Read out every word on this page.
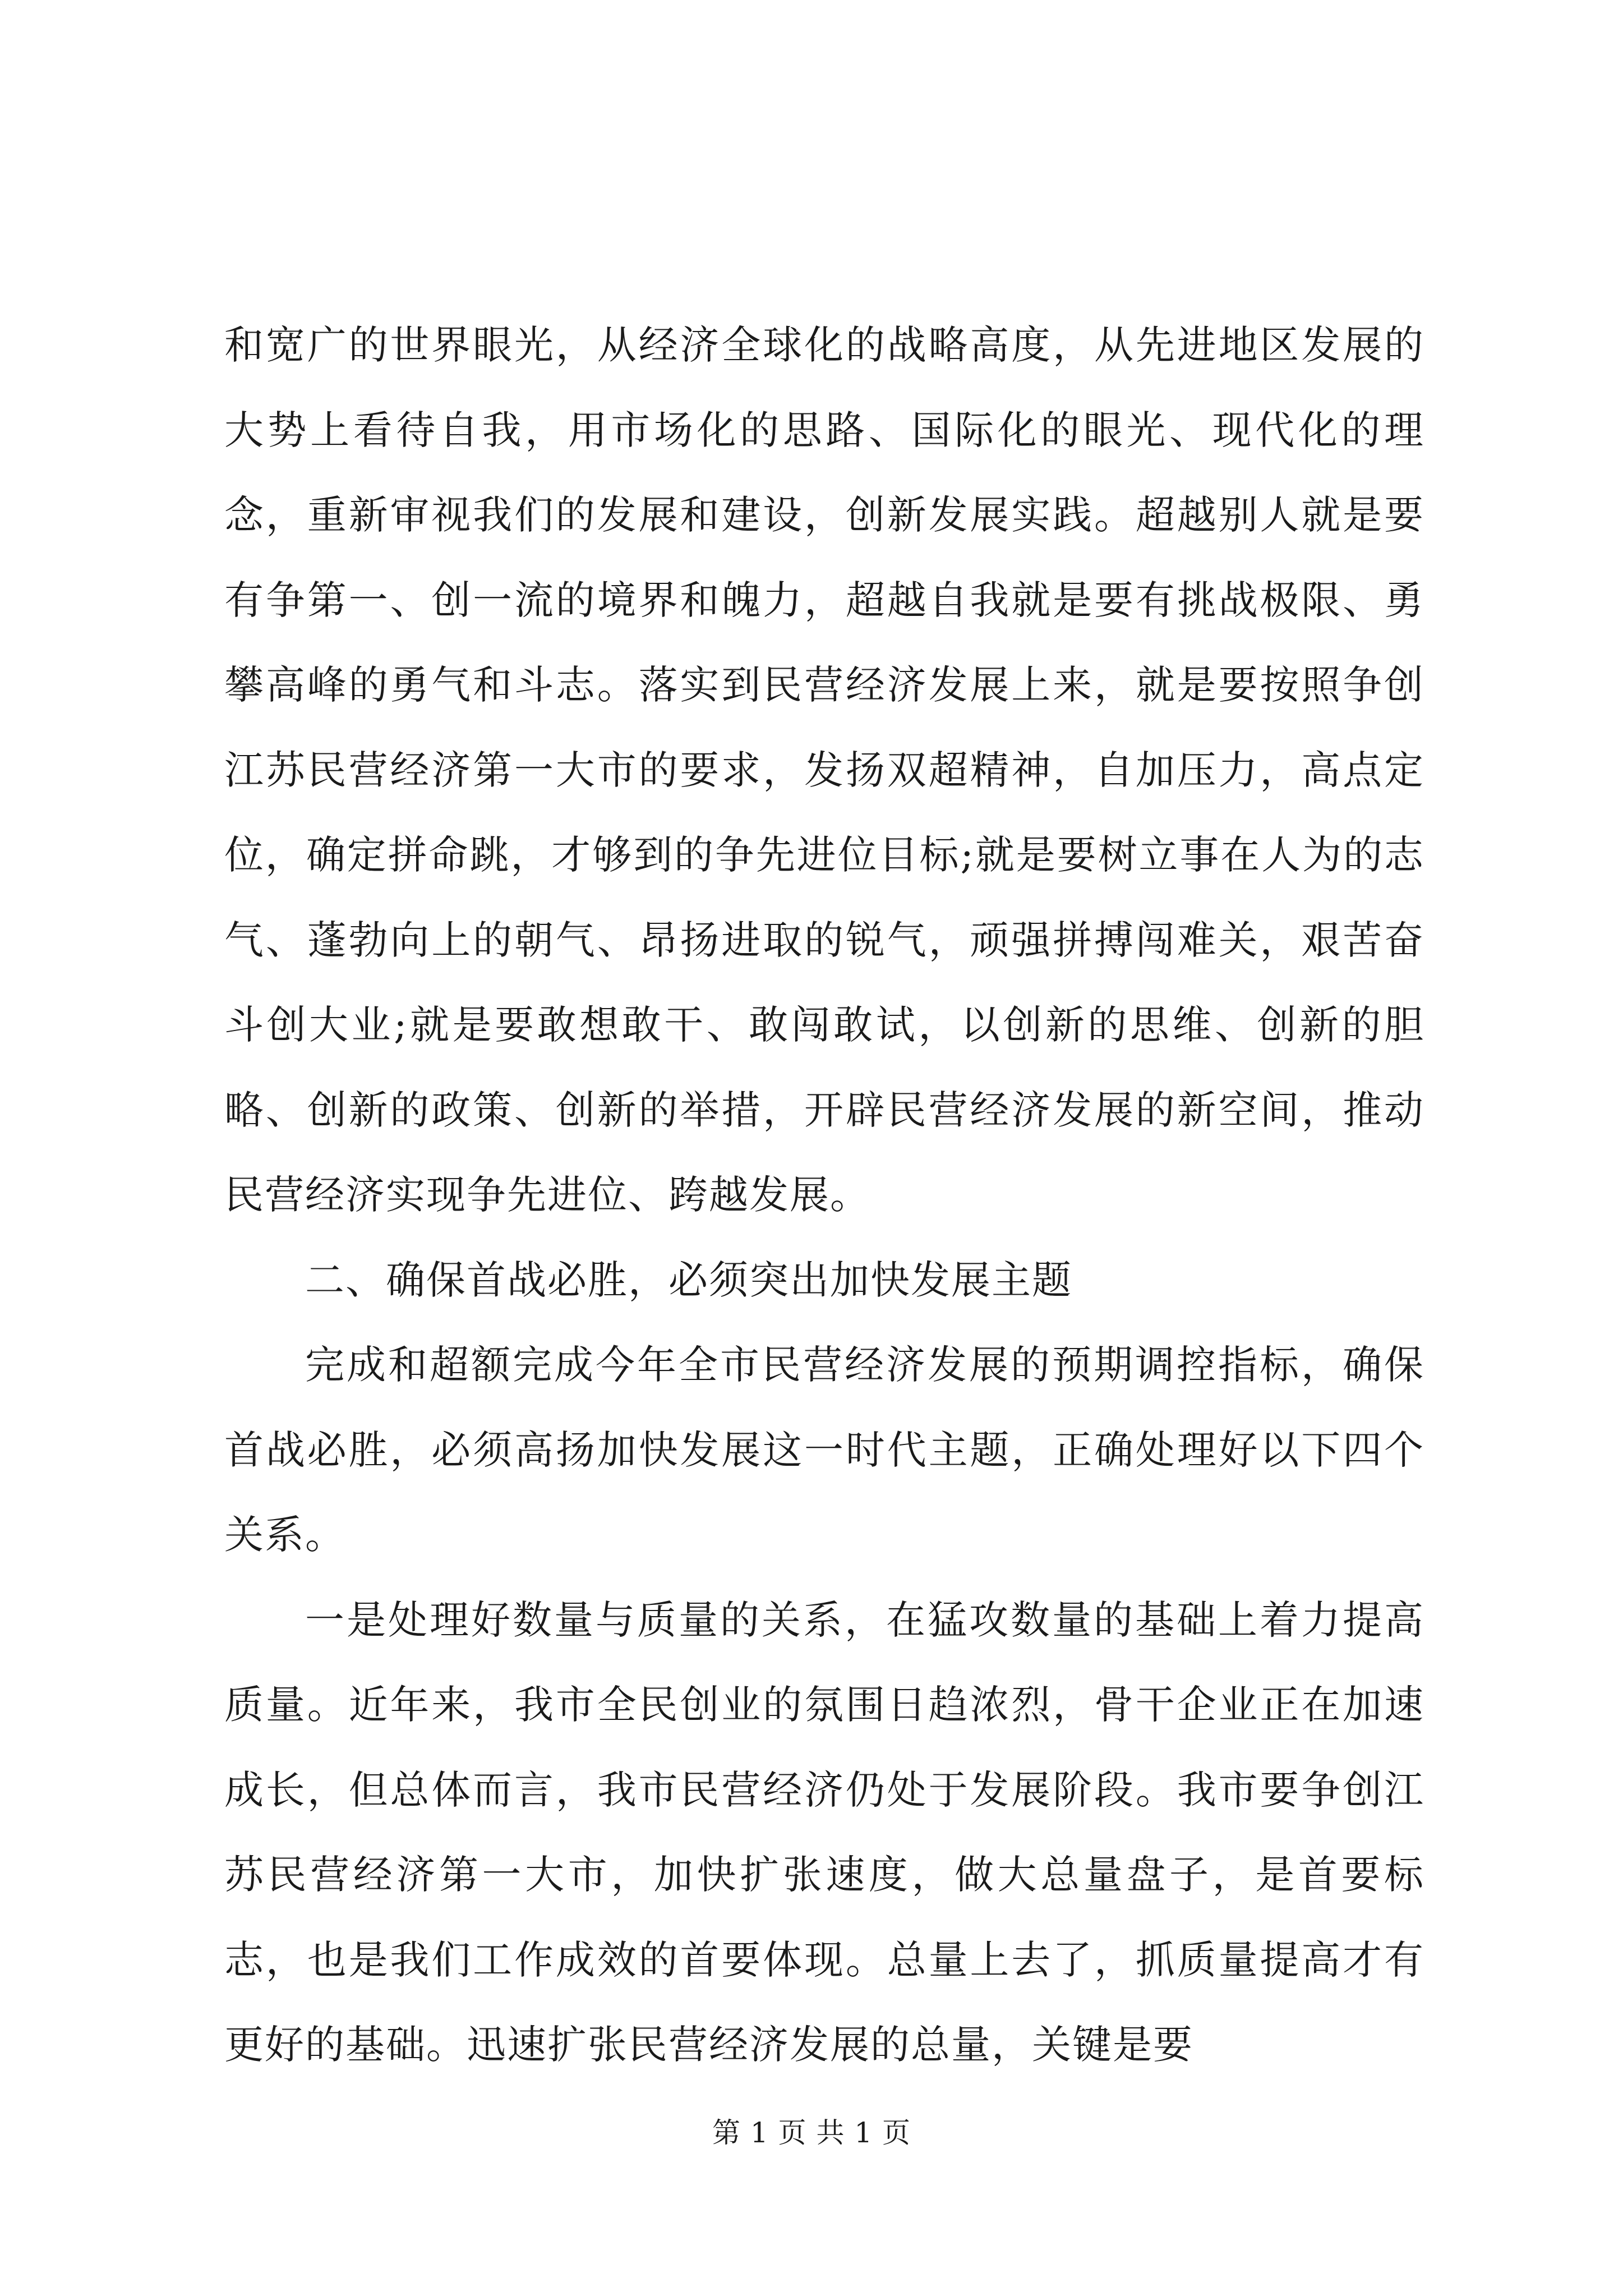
和宽广的世界眼光，从经济全球化的战略高度，从先进地区发展的大势上看待自我，用市场化的思路、国际化的眼光、现代化的理念，重新审视我们的发展和建设，创新发展实践。超越别人就是要有争第一、创一流的境界和魄力，超越自我就是要有挑战极限、勇攀高峰的勇气和斗志。落实到民营经济发展上来，就是要按照争创江苏民营经济第一大市的要求，发扬双超精神，自加压力，高点定位，确定拼命跳，才够到的争先进位目标;就是要树立事在人为的志气、蓬勃向上的朝气、昂扬进取的锐气，顽强拼搏闯难关，艰苦奋斗创大业;就是要敢想敢干、敢闯敢试，以创新的思维、创新的胆略、创新的政策、创新的举措，开辟民营经济发展的新空间，推动民营经济实现争先进位、跨越发展。

二、确保首战必胜，必须突出加快发展主题

完成和超额完成今年全市民营经济发展的预期调控指标，确保首战必胜，必须高扬加快发展这一时代主题，正确处理好以下四个关系。

一是处理好数量与质量的关系，在猛攻数量的基础上着力提高质量。近年来，我市全民创业的氛围日趋浓烈，骨干企业正在加速成长，但总体而言，我市民营经济仍处于发展阶段。我市要争创江苏民营经济第一大市，加快扩张速度，做大总量盘子，是首要标志，也是我们工作成效的首要体现。总量上去了，抓质量提高才有更好的基础。迅速扩张民营经济发展的总量，关键是要

第 1 页 共 1 页
